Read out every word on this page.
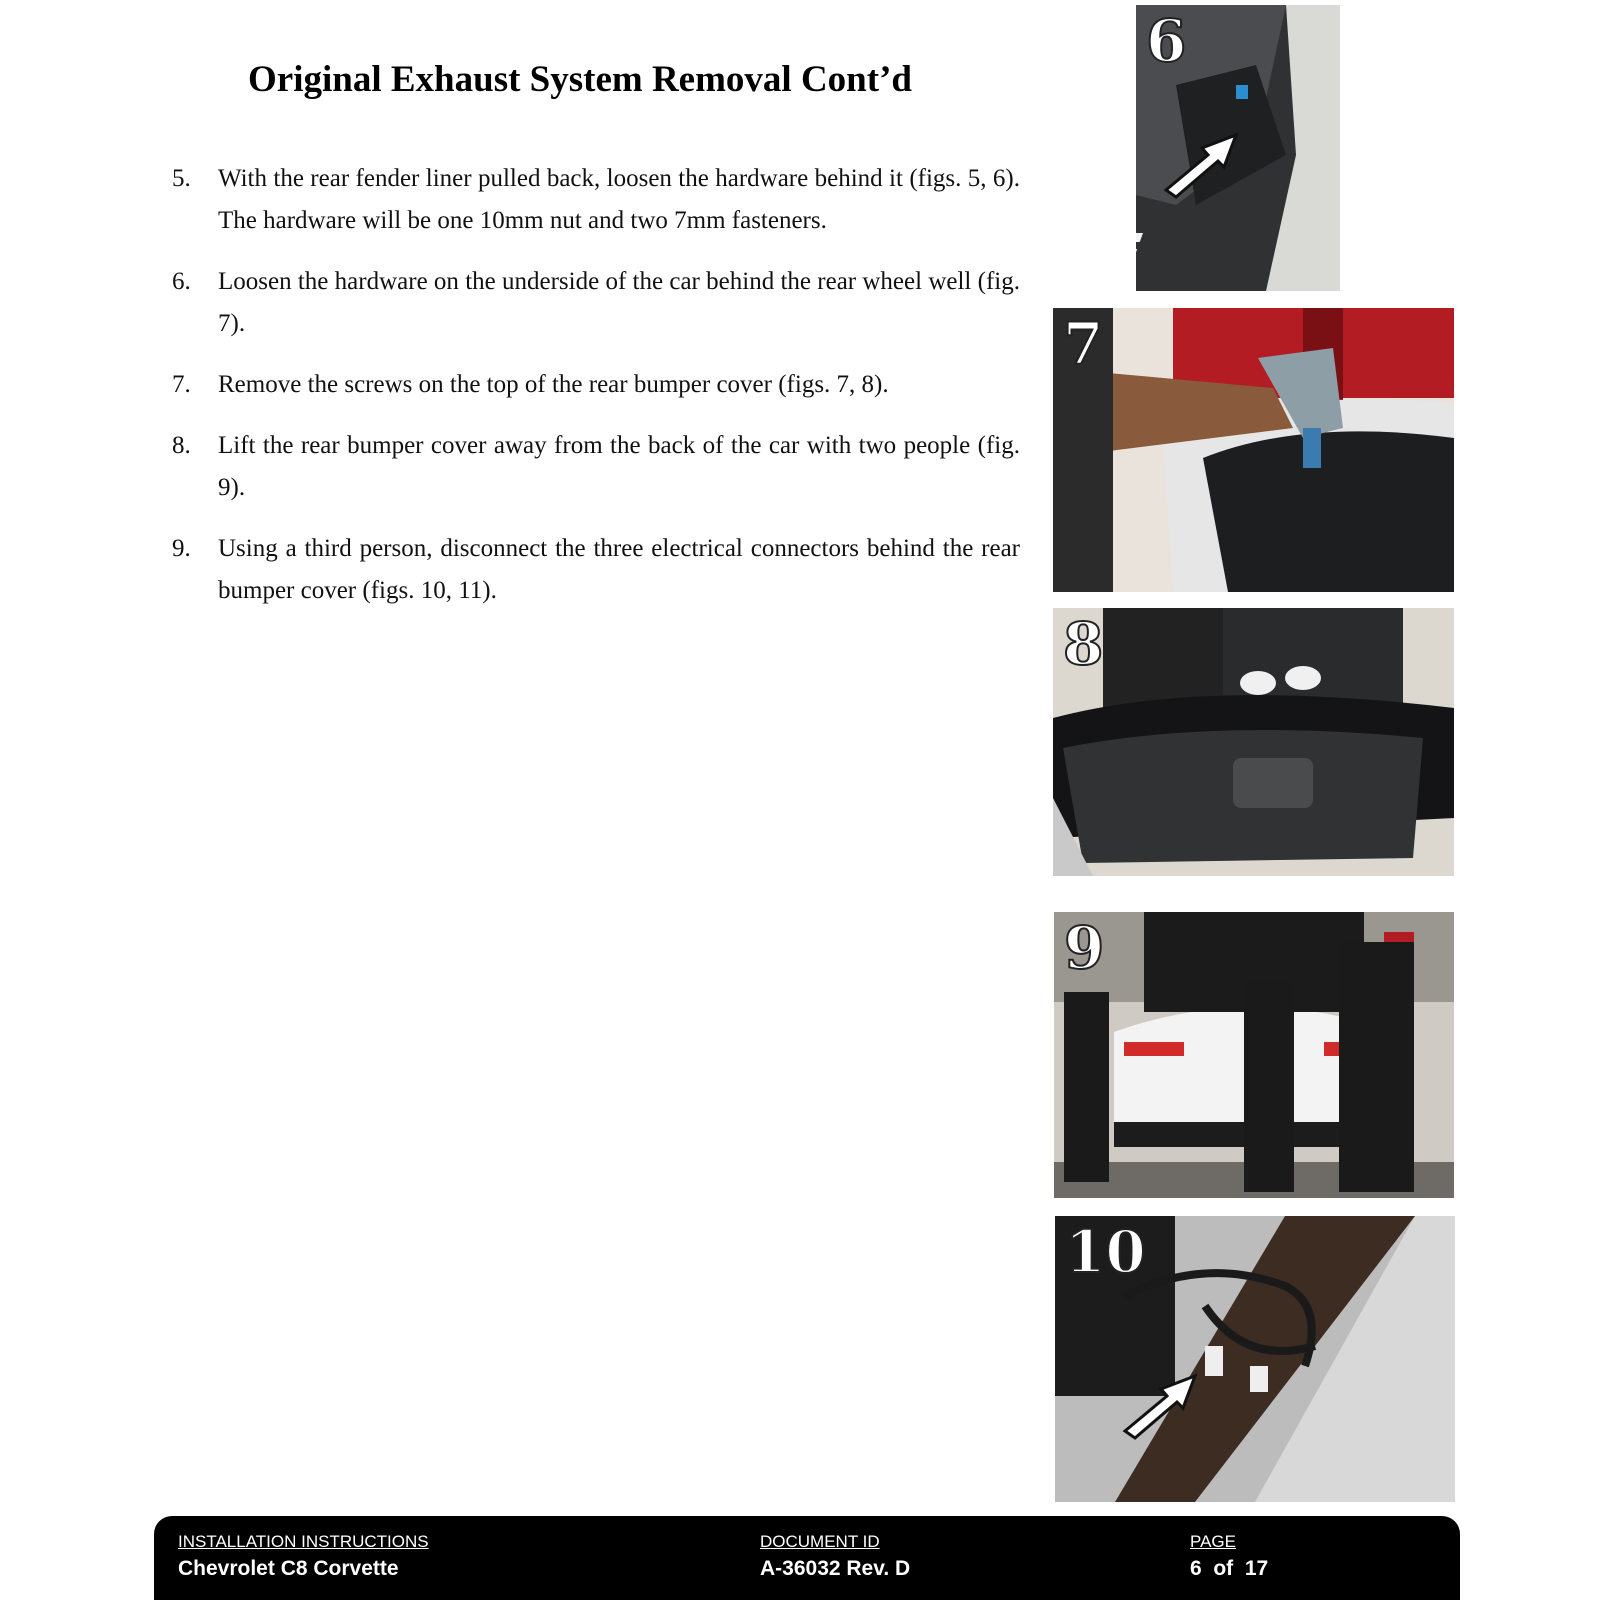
Original Exhaust System Removal Cont’d
5. With the rear fender liner pulled back, loosen the hardware behind it (figs. 5, 6). The hardware will be one 10mm nut and two 7mm fasteners.
6. Loosen the hardware on the underside of the car behind the rear wheel well (fig. 7).
7. Remove the screws on the top of the rear bumper cover (figs. 7, 8).
8. Lift the rear bumper cover away from the back of the car with two people (fig. 9).
9. Using a third person, disconnect the three electrical connectors behind the rear bumper cover (figs. 10, 11).
6
7
8
9
10
INSTALLATION INSTRUCTIONS
Chevrolet C8 Corvette
DOCUMENT ID
A-36032 Rev. D
PAGE
6  of  17
